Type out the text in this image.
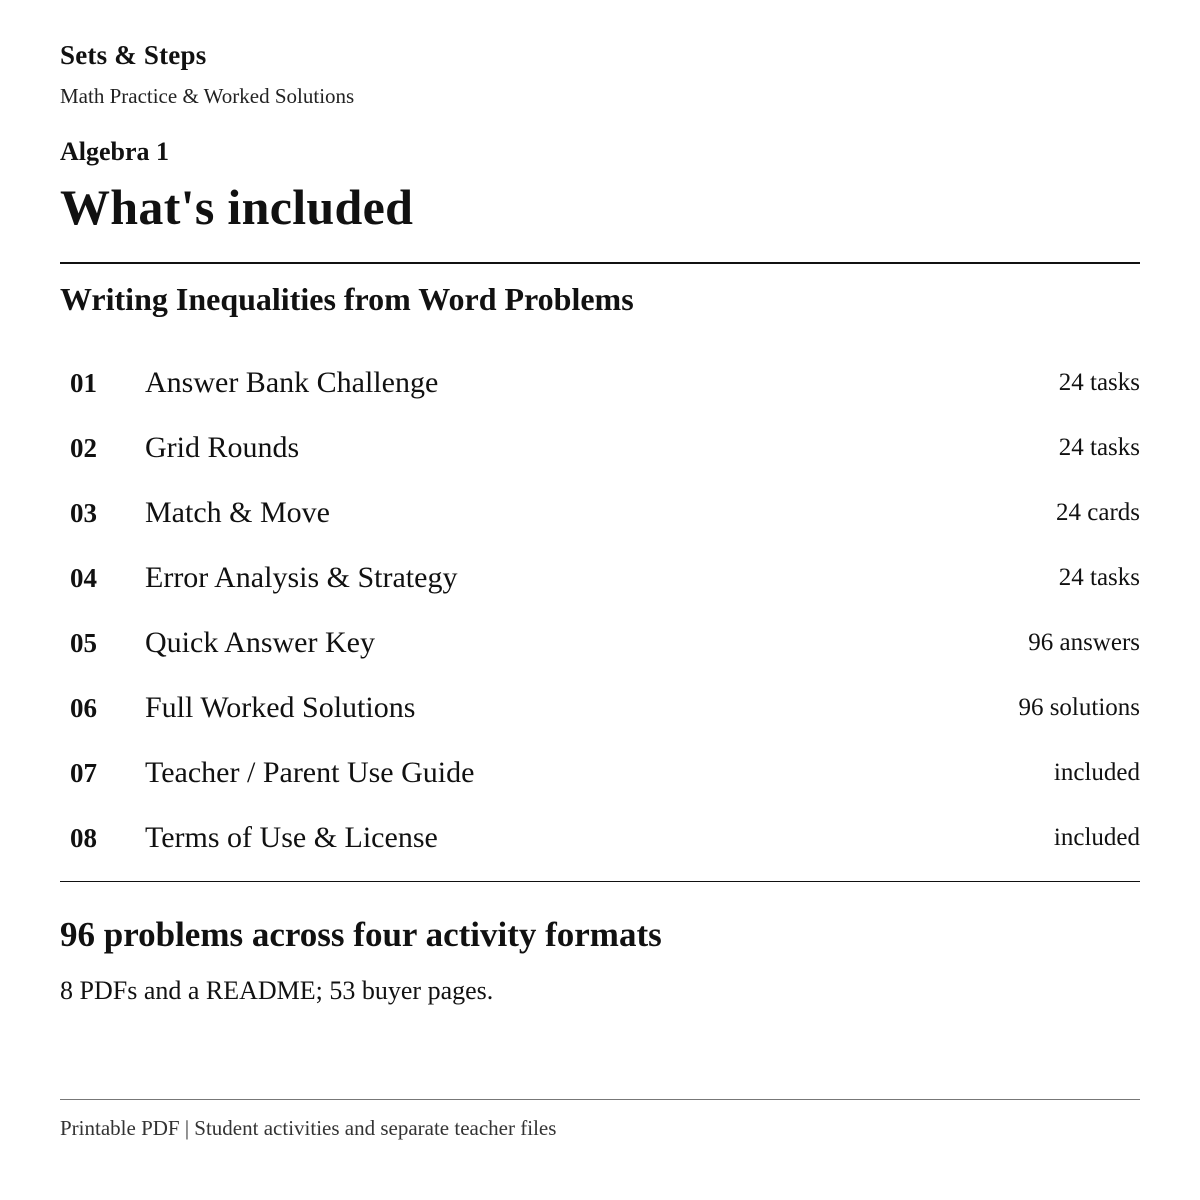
Sets & Steps
Math Practice & Worked Solutions
Algebra 1
What's included
Writing Inequalities from Word Problems
01 Answer Bank Challenge	24 tasks
02 Grid Rounds	24 tasks
03 Match & Move	24 cards
04 Error Analysis & Strategy	24 tasks
05 Quick Answer Key	96 answers
06 Full Worked Solutions	96 solutions
07 Teacher / Parent Use Guide	included
08 Terms of Use & License	included
96 problems across four activity formats

8 PDFs and a README; 53 buyer pages.

Printable PDF | Student activities and separate teacher files
